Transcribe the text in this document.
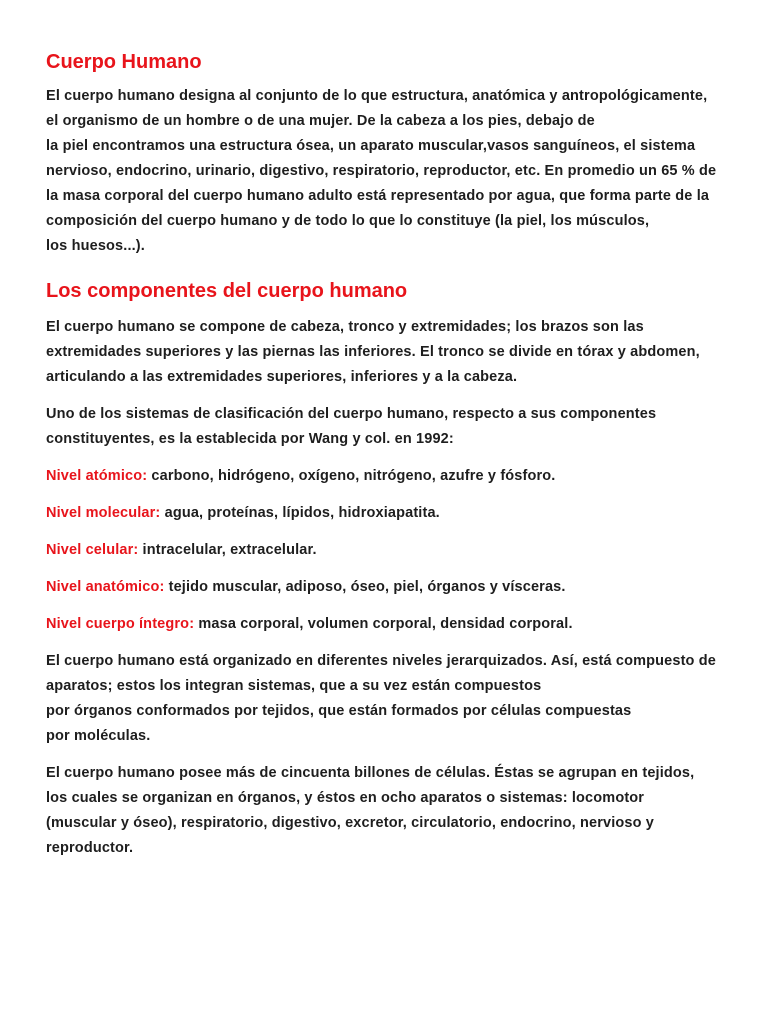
Cuerpo Humano

El cuerpo humano designa al conjunto de lo que estructura, anatómica y antropológicamente,
el organismo de un hombre o de una mujer. De la cabeza a los pies, debajo de
la piel encontramos una estructura ósea, un aparato muscular,vasos sanguíneos, el sistema
nervioso, endocrino, urinario, digestivo, respiratorio, reproductor, etc. En promedio un 65 % de
la masa corporal del cuerpo humano adulto está representado por agua, que forma parte de la
composición del cuerpo humano y de todo lo que lo constituye (la piel, los músculos,
los huesos...).

Los componentes del cuerpo humano

El cuerpo humano se compone de cabeza, tronco y extremidades; los brazos son las
extremidades superiores y las piernas las inferiores. El tronco se divide en tórax y abdomen,
articulando a las extremidades superiores, inferiores y a la cabeza.

Uno de los sistemas de clasificación del cuerpo humano, respecto a sus componentes
constituyentes, es la establecida por Wang y col. en 1992:

Nivel atómico: carbono, hidrógeno, oxígeno, nitrógeno, azufre y fósforo.

Nivel molecular: agua, proteínas, lípidos, hidroxiapatita.

Nivel celular: intracelular, extracelular.

Nivel anatómico: tejido muscular, adiposo, óseo, piel, órganos y vísceras.

Nivel cuerpo íntegro: masa corporal, volumen corporal, densidad corporal.

El cuerpo humano está organizado en diferentes niveles jerarquizados. Así, está compuesto de
aparatos; estos los integran sistemas, que a su vez están compuestos
por órganos conformados por tejidos, que están formados por células compuestas
por moléculas.

El cuerpo humano posee más de cincuenta billones de células. Éstas se agrupan en tejidos,
los cuales se organizan en órganos, y éstos en ocho aparatos o sistemas: locomotor
(muscular y óseo), respiratorio, digestivo, excretor, circulatorio, endocrino, nervioso y
reproductor.
